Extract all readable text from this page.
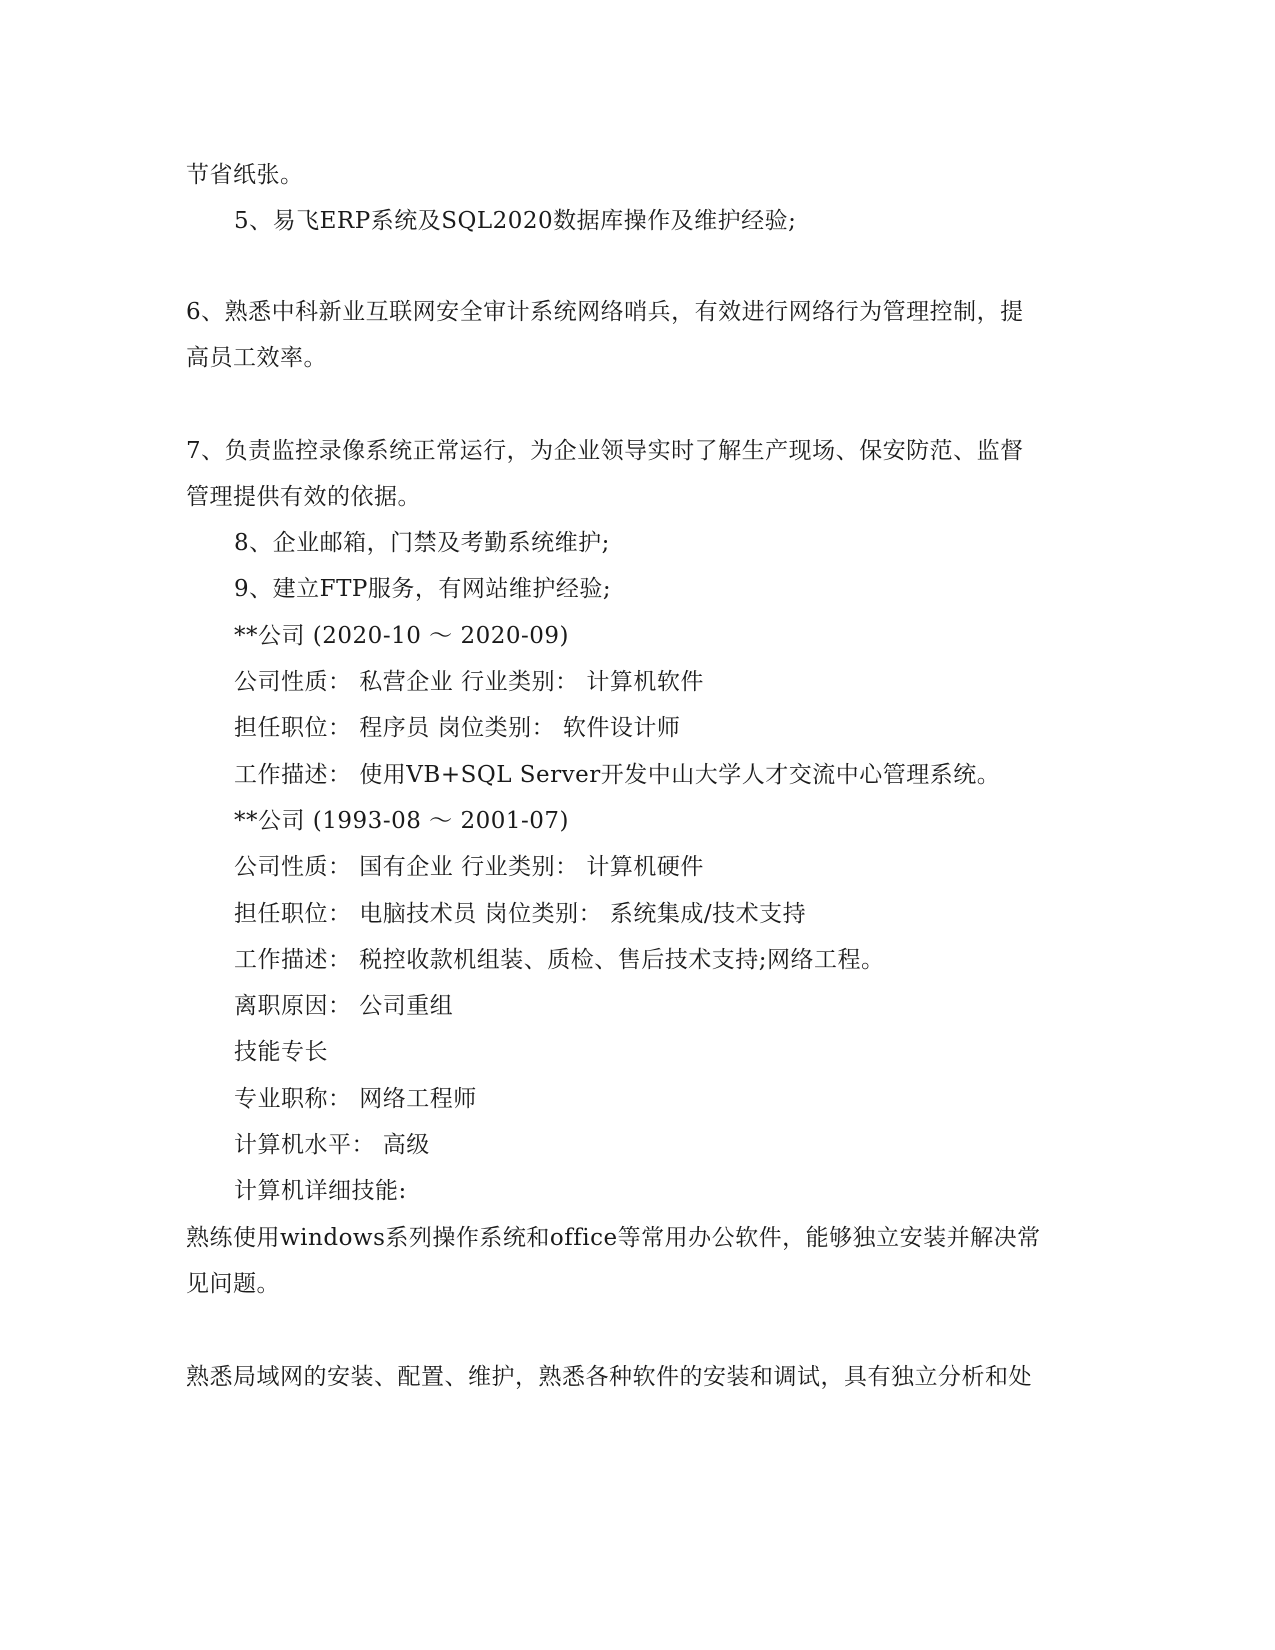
节省纸张。
5、易飞ERP系统及SQL2020数据库操作及维护经验;
6、熟悉中科新业互联网安全审计系统网络哨兵，有效进行网络行为管理控制，提
高员工效率。
7、负责监控录像系统正常运行，为企业领导实时了解生产现场、保安防范、监督
管理提供有效的依据。
8、企业邮箱，门禁及考勤系统维护;
9、建立FTP服务，有网站维护经验;
**公司 (2020-10 ～ 2020-09)
公司性质： 私营企业 行业类别： 计算机软件
担任职位： 程序员 岗位类别： 软件设计师
工作描述： 使用VB+SQL Server开发中山大学人才交流中心管理系统。
**公司 (1993-08 ～ 2001-07)
公司性质： 国有企业 行业类别： 计算机硬件
担任职位： 电脑技术员 岗位类别： 系统集成/技术支持
工作描述： 税控收款机组装、质检、售后技术支持;网络工程。
离职原因： 公司重组
技能专长
专业职称： 网络工程师
计算机水平： 高级
计算机详细技能:
熟练使用windows系列操作系统和office等常用办公软件，能够独立安装并解决常
见问题。
熟悉局域网的安装、配置、维护，熟悉各种软件的安装和调试，具有独立分析和处
